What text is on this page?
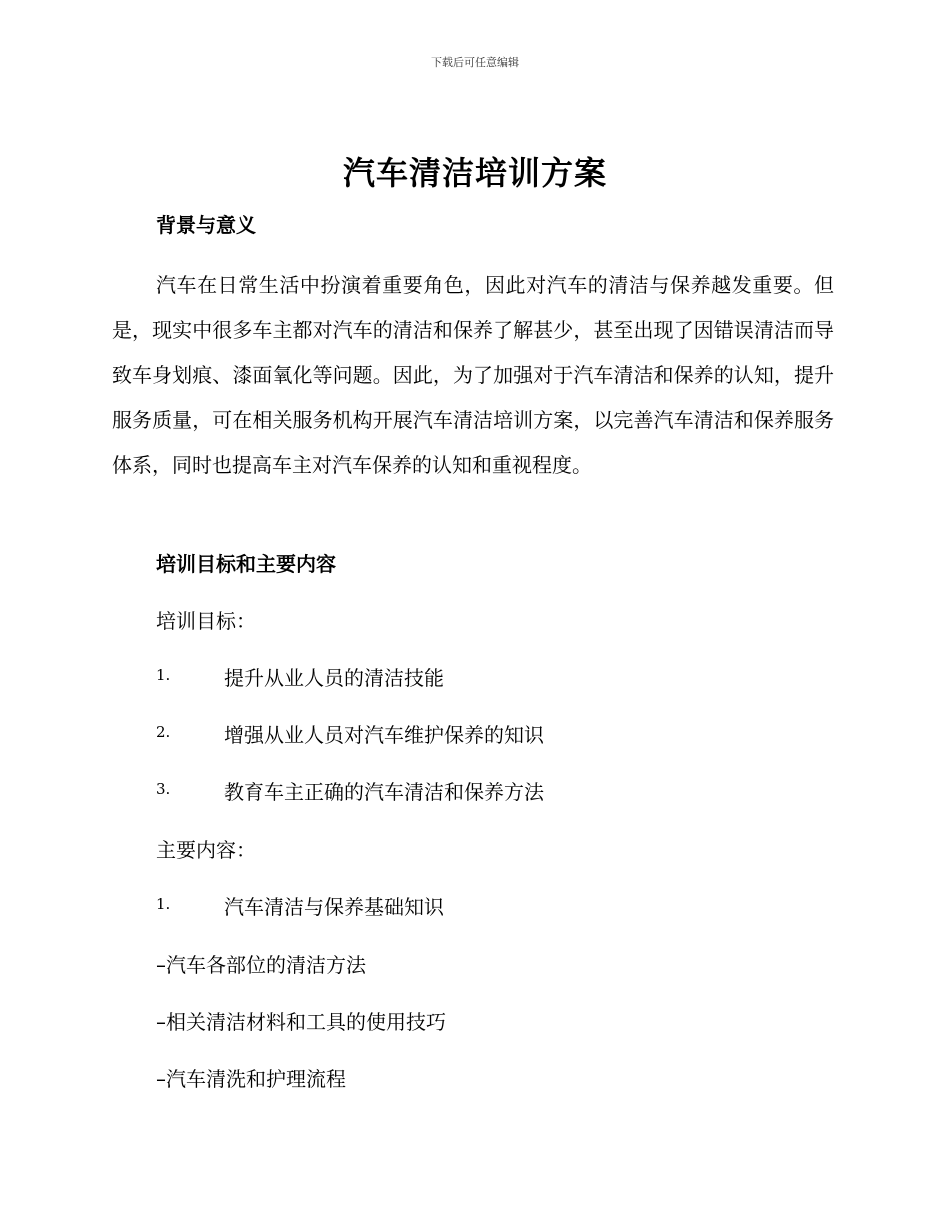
下载后可任意编辑
汽车清洁培训方案
背景与意义
汽车在日常生活中扮演着重要角色，因此对汽车的清洁与保养越发重要。但是，现实中很多车主都对汽车的清洁和保养了解甚少，甚至出现了因错误清洁而导致车身划痕、漆面氧化等问题。因此，为了加强对于汽车清洁和保养的认知，提升服务质量，可在相关服务机构开展汽车清洁培训方案，以完善汽车清洁和保养服务体系，同时也提高车主对汽车保养的认知和重视程度。
培训目标和主要内容
培训目标：
1.	提升从业人员的清洁技能
2.	增强从业人员对汽车维护保养的知识
3.	教育车主正确的汽车清洁和保养方法
主要内容：
1.	汽车清洁与保养基础知识
–汽车各部位的清洁方法
–相关清洁材料和工具的使用技巧
–汽车清洗和护理流程
